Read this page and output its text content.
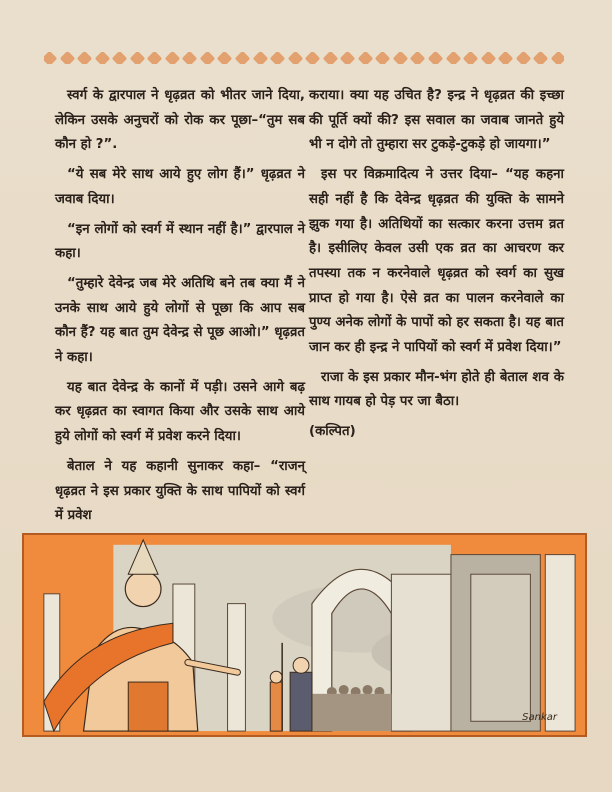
स्वर्ग के द्वारपाल ने धृढ़व्रत को भीतर जाने दिया, लेकिन उसके अनुचरों को रोक कर पूछा–“तुम सब कौन हो ?”.

“ये सब मेरे साथ आये हुए लोग हैं।” धृढ़व्रत ने जवाब दिया।

“इन लोगों को स्वर्ग में स्थान नहीं है।” द्वारपाल ने कहा।

“तुम्हारे देवेन्द्र जब मेरे अतिथि बने तब क्या मैं ने उनके साथ आये हुये लोगों से पूछा कि आप सब कौन हैं? यह बात तुम देवेन्द्र से पूछ आओ।” धृढ़व्रत ने कहा।

यह बात देवेन्द्र के कानों में पड़ी। उसने आगे बढ़ कर धृढ़व्रत का स्वागत किया और उसके साथ आये हुये लोगों को स्वर्ग में प्रवेश करने दिया।

बेताल ने यह कहानी सुनाकर कहा– “राजन् धृढ़व्रत ने इस प्रकार युक्ति के साथ पापियों को स्वर्ग में प्रवेश

कराया। क्या यह उचित है? इन्द्र ने धृढ़व्रत की इच्छा की पूर्ति क्यों की? इस सवाल का जवाब जानते हुये भी न दोगे तो तुम्हारा सर टुकड़े-टुकड़े हो जायगा।”

इस पर विक्रमादित्य ने उत्तर दिया– “यह कहना सही नहीं है कि देवेन्द्र धृढ़व्रत की युक्ति के सामने झुक गया है। अतिथियों का सत्कार करना उत्तम व्रत है। इसीलिए केवल उसी एक व्रत का आचरण कर तपस्या तक न करनेवाले धृढ़व्रत को स्वर्ग का सुख प्राप्त हो गया है। ऐसे व्रत का पालन करनेवाले का पुण्य अनेक लोगों के पापों को हर सकता है। यह बात जान कर ही इन्द्र ने पापियों को स्वर्ग में प्रवेश दिया।”

राजा के इस प्रकार मौन-भंग होते ही बेताल शव के साथ गायब हो पेड़ पर जा बैठा।

(कल्पित)

Sankar
